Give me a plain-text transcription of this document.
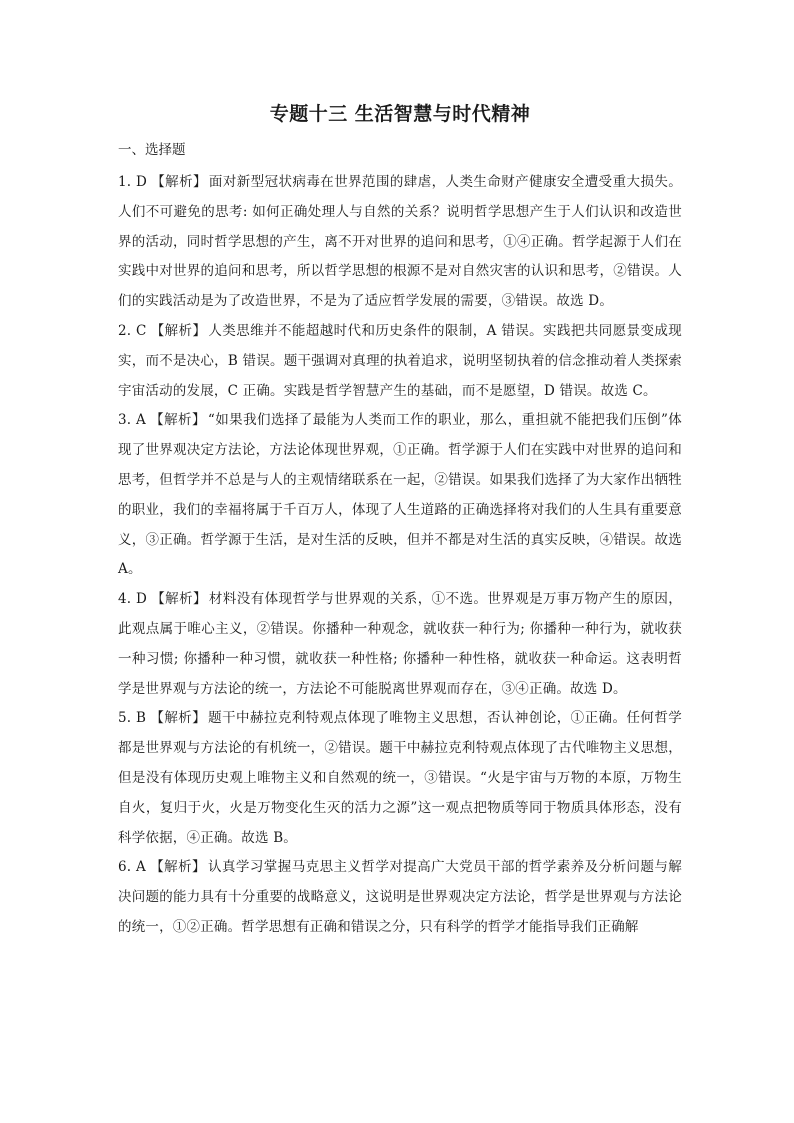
专题十三 生活智慧与时代精神
一、选择题

1. D 【解析】 面对新型冠状病毒在世界范围的肆虐，人类生命财产健康安全遭受重大损失。人们不可避免的思考: 如何正确处理人与自然的关系？说明哲学思想产生于人们认识和改造世界的活动，同时哲学思想的产生，离不开对世界的追问和思考，①④正确。哲学起源于人们在实践中对世界的追问和思考，所以哲学思想的根源不是对自然灾害的认识和思考，②错误。人们的实践活动是为了改造世界，不是为了适应哲学发展的需要，③错误。故选 D。

2. C 【解析】 人类思维并不能超越时代和历史条件的限制，A 错误。实践把共同愿景变成现实，而不是决心，B 错误。题干强调对真理的执着追求，说明坚韧执着的信念推动着人类探索宇宙活动的发展，C 正确。实践是哲学智慧产生的基础，而不是愿望，D 错误。故选 C。

3. A 【解析】 “如果我们选择了最能为人类而工作的职业，那么，重担就不能把我们压倒”体现了世界观决定方法论，方法论体现世界观，①正确。哲学源于人们在实践中对世界的追问和思考，但哲学并不总是与人的主观情绪联系在一起，②错误。如果我们选择了为大家作出牺牲的职业，我们的幸福将属于千百万人，体现了人生道路的正确选择将对我们的人生具有重要意义，③正确。哲学源于生活，是对生活的反映，但并不都是对生活的真实反映，④错误。故选 A。

4. D 【解析】 材料没有体现哲学与世界观的关系，①不选。世界观是万事万物产生的原因，此观点属于唯心主义，②错误。你播种一种观念，就收获一种行为; 你播种一种行为，就收获一种习惯; 你播种一种习惯，就收获一种性格; 你播种一种性格，就收获一种命运。这表明哲学是世界观与方法论的统一，方法论不可能脱离世界观而存在，③④正确。故选 D。

5. B 【解析】 题干中赫拉克利特观点体现了唯物主义思想，否认神创论，①正确。任何哲学都是世界观与方法论的有机统一，②错误。题干中赫拉克利特观点体现了古代唯物主义思想，但是没有体现历史观上唯物主义和自然观的统一，③错误。“火是宇宙与万物的本原，万物生自火，复归于火，火是万物变化生灭的活力之源”这一观点把物质等同于物质具体形态，没有科学依据，④正确。故选 B。

6. A 【解析】 认真学习掌握马克思主义哲学对提高广大党员干部的哲学素养及分析问题与解决问题的能力具有十分重要的战略意义，这说明是世界观决定方法论，哲学是世界观与方法论的统一，①②正确。哲学思想有正确和错误之分，只有科学的哲学才能指导我们正确解
